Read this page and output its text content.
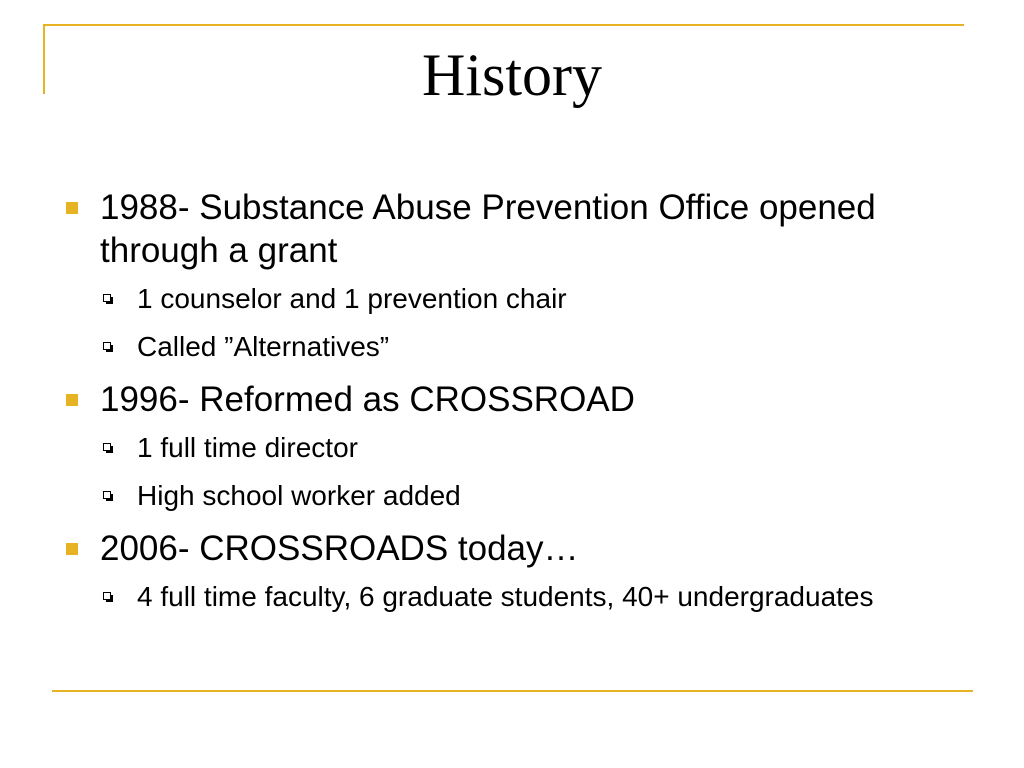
History
1988- Substance Abuse Prevention Office opened through a grant
1 counselor and 1 prevention chair
Called ”Alternatives”
1996- Reformed as CROSSROAD
1 full time director
High school worker added
2006- CROSSROADS today…
4 full time faculty, 6 graduate students, 40+ undergraduates
